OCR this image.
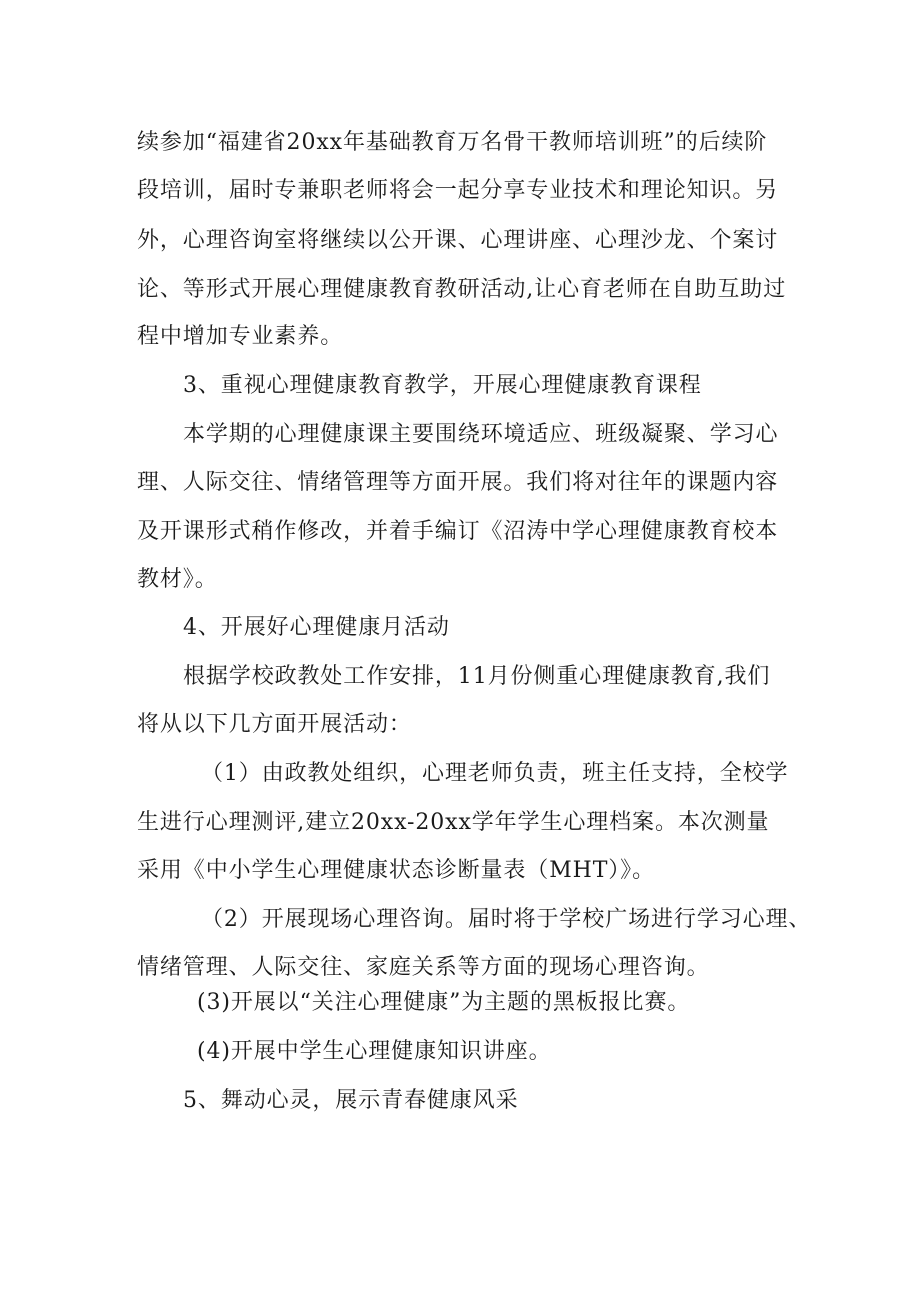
续参加“福建省20xx年基础教育万名骨干教师培训班”的后续阶
段培训，届时专兼职老师将会一起分享专业技术和理论知识。另
外，心理咨询室将继续以公开课、心理讲座、心理沙龙、个案讨
论、等形式开展心理健康教育教研活动,让心育老师在自助互助过
程中增加专业素养。
3、重视心理健康教育教学，开展心理健康教育课程
本学期的心理健康课主要围绕环境适应、班级凝聚、学习心
理、人际交往、情绪管理等方面开展。我们将对往年的课题内容
及开课形式稍作修改，并着手编订《沼涛中学心理健康教育校本
教材》。
4、开展好心理健康月活动
根据学校政教处工作安排，11月份侧重心理健康教育,我们
将从以下几方面开展活动：
（1）由政教处组织，心理老师负责，班主任支持，全校学
生进行心理测评,建立20xx-20xx学年学生心理档案。本次测量
采用《中小学生心理健康状态诊断量表（MHT）》。
（2）开展现场心理咨询。届时将于学校广场进行学习心理、
情绪管理、人际交往、家庭关系等方面的现场心理咨询。
(3)开展以“关注心理健康”为主题的黑板报比赛。
(4)开展中学生心理健康知识讲座。
5、舞动心灵，展示青春健康风采
